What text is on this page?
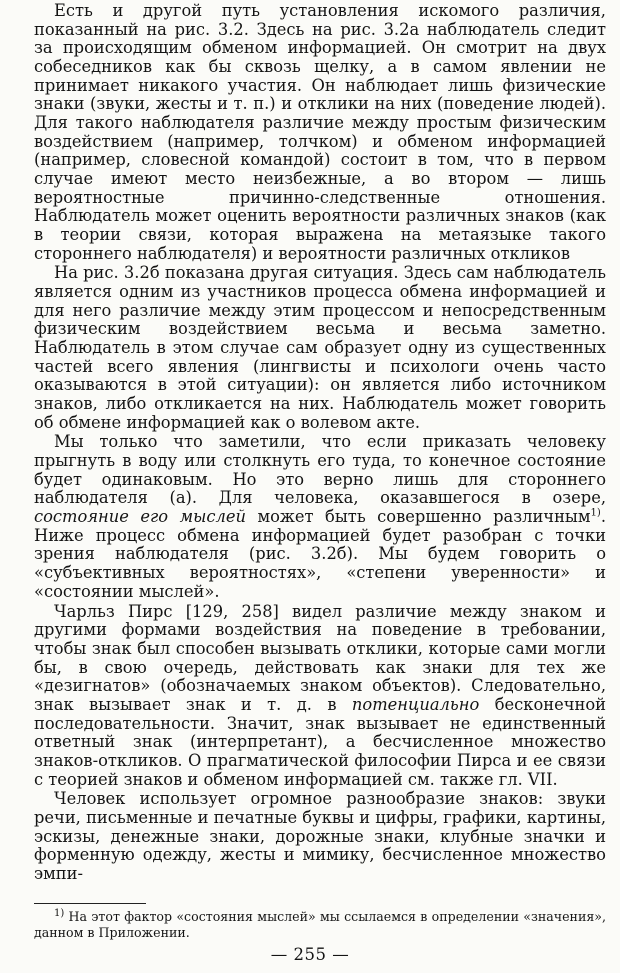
Есть и другой путь установления искомого различия, показанный на рис. 3.2. Здесь на рис. 3.2а наблюдатель следит за происходящим обменом информацией. Он смотрит на двух собеседников как бы сквозь щелку, а в самом явлении не принимает никакого участия. Он наблюдает лишь физические знаки (звуки, жесты и т. п.) и отклики на них (поведение людей). Для такого наблюдателя различие между простым физическим воздействием (например, толчком) и обменом информацией (например, словесной командой) состоит в том, что в первом случае имеют место неизбежные, а во втором — лишь вероятностные причинно-следственные отношения. Наблюдатель может оценить вероятности различных знаков (как в теории связи, которая выражена на метаязыке такого стороннего наблюдателя) и вероятности различных откликов

На рис. 3.2б показана другая ситуация. Здесь сам наблюдатель является одним из участников процесса обмена информацией и для него различие между этим процессом и непосредственным физическим воздействием весьма и весьма заметно. Наблюдатель в этом случае сам образует одну из существенных частей всего явления (лингвисты и психологи очень часто оказываются в этой ситуации): он является либо источником знаков, либо откликается на них. Наблюдатель может говорить об обмене информацией как о волевом акте.

Мы только что заметили, что если приказать человеку прыгнуть в воду или столкнуть его туда, то конечное состояние будет одинаковым. Но это верно лишь для стороннего наблюдателя (а). Для человека, оказавшегося в озере, состояние его мыслей может быть совершенно различным$^{1)}$. Ниже процесс обмена информацией будет разобран с точки зрения наблюдателя (рис. 3.2б). Мы будем говорить о «субъективных вероятностях», «степени уверенности» и «состоянии мыслей».

Чарльз Пирс [129, 258] видел различие между знаком и другими формами воздействия на поведение в требовании, чтобы знак был способен вызывать отклики, которые сами могли бы, в свою очередь, действовать как знаки для тех же «дезигнатов» (обозначаемых знаком объектов). Следовательно, знак вызывает знак и т. д. в потенциально бесконечной последовательности. Значит, знак вызывает не единственный ответный знак (интерпретант), а бесчисленное множество знаков-откликов. О прагматической философии Пирса и ее связи с теорией знаков и обменом информацией см. также гл. VII.

Человек использует огромное разнообразие знаков: звуки речи, письменные и печатные буквы и цифры, графики, картины, эскизы, денежные знаки, дорожные знаки, клубные значки и форменную одежду, жесты и мимику, бесчисленное множество эмпи-

$^{1)}$ На этот фактор «состояния мыслей» мы ссылаемся в определении «значения», данном в Приложении.
— 255 —
